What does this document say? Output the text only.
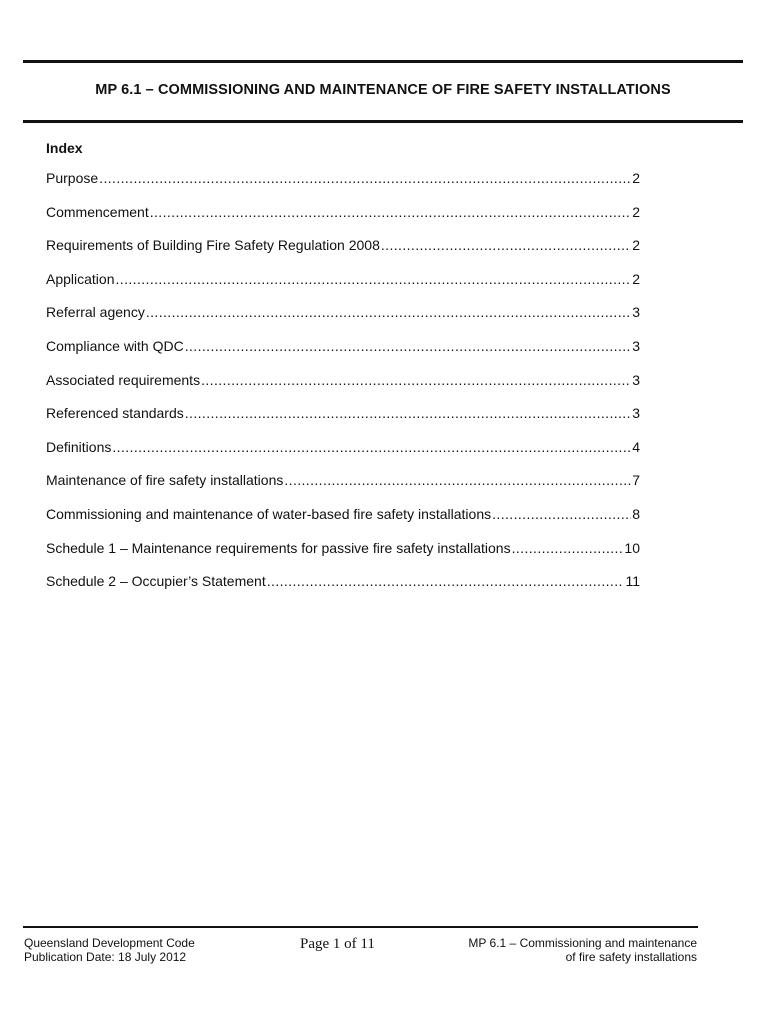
MP 6.1 – COMMISSIONING AND MAINTENANCE OF FIRE SAFETY INSTALLATIONS
Index
Purpose .....	2
Commencement .....	2
Requirements of Building Fire Safety Regulation 2008 .....	2
Application .....	2
Referral agency .....	3
Compliance with QDC .....	3
Associated requirements .....	3
Referenced standards .....	3
Definitions .....	4
Maintenance of fire safety installations .....	7
Commissioning and maintenance of water-based fire safety installations .....	8
Schedule 1 – Maintenance requirements for passive fire safety installations .....	10
Schedule 2 – Occupier’s Statement .....	11
Queensland Development Code
Publication Date: 18 July 2012
Page 1 of 11	MP 6.1 – Commissioning and maintenance
of fire safety installations
